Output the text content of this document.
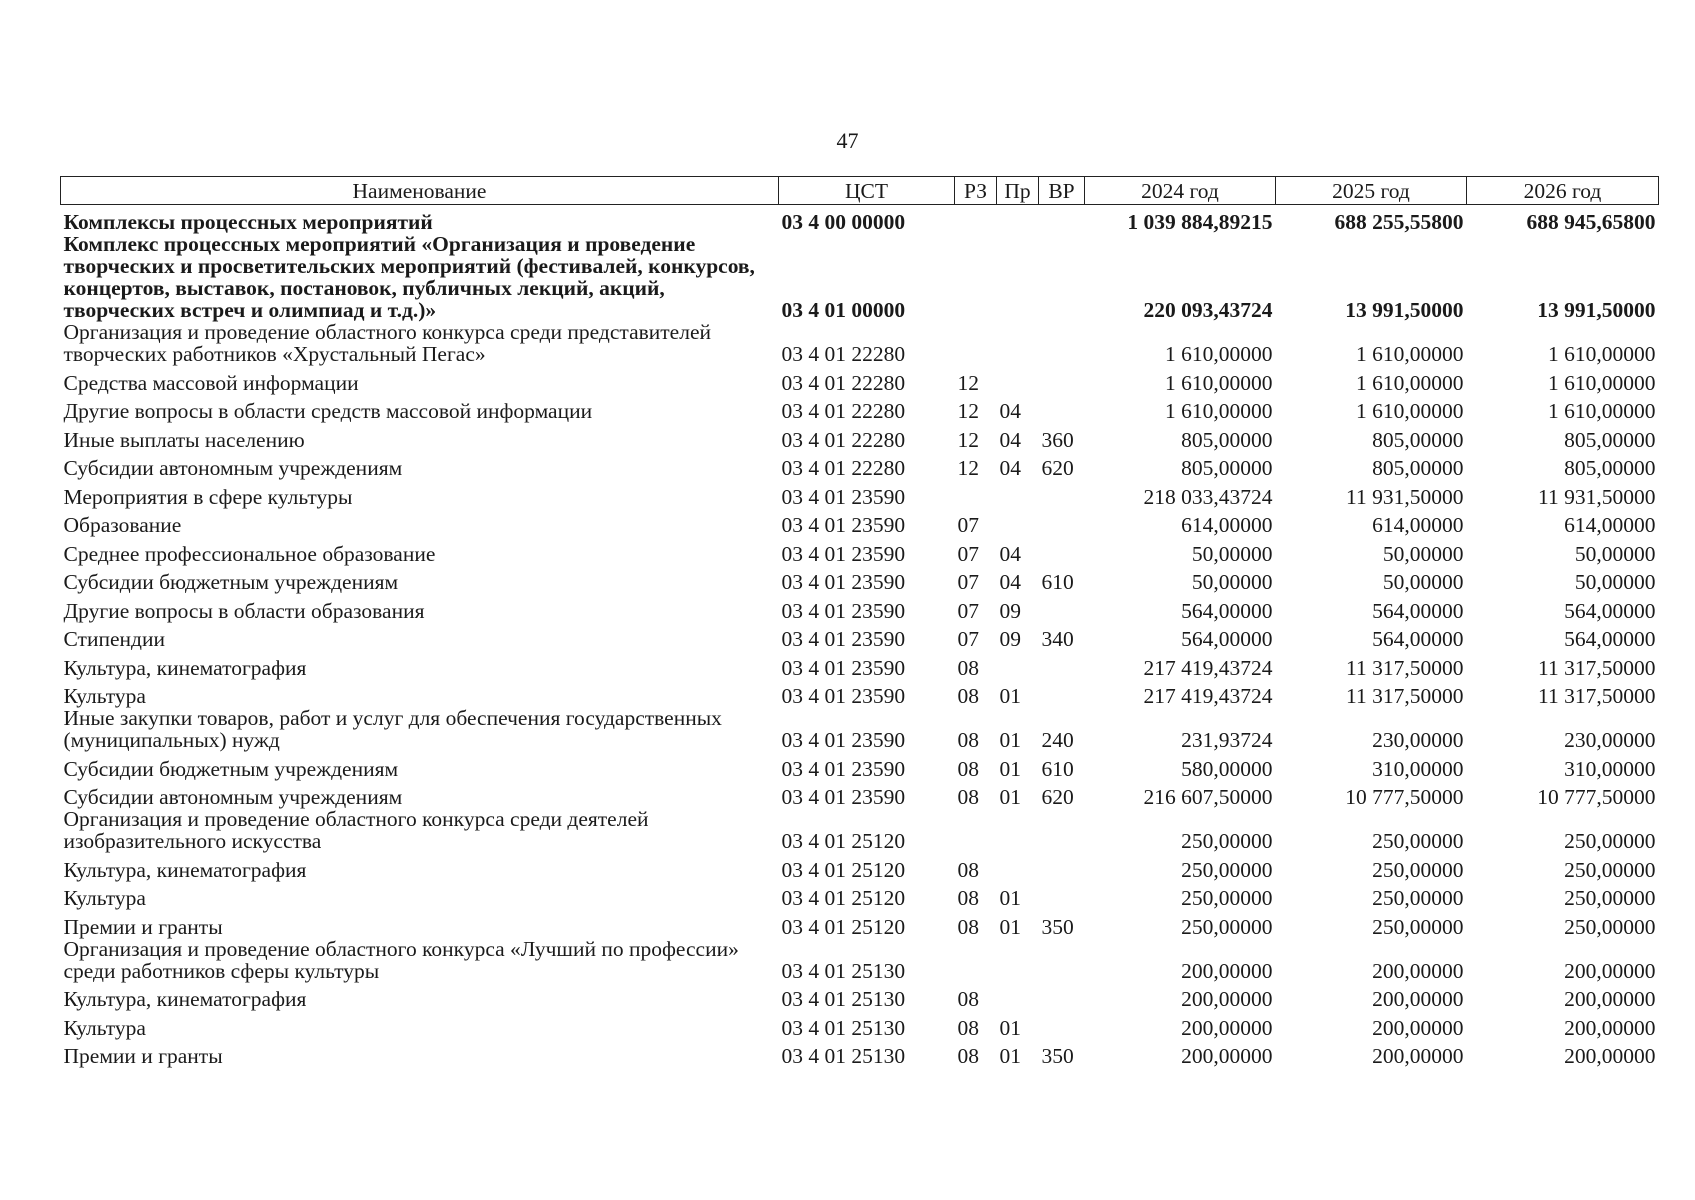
47
Наименование	ЦСТ	РЗ	Пр	ВР	2024 год	2025 год	2026 год
Комплексы процессных мероприятий	03 4 00 00000				1 039 884,89215	688 255,55800	688 945,65800
Комплекс процессных мероприятий «Организация и проведение творческих и просветительских мероприятий (фестивалей, конкурсов, концертов, выставок, постановок, публичных лекций, акций, творческих встреч и олимпиад и т.д.)»	03 4 01 00000				220 093,43724	13 991,50000	13 991,50000
Организация и проведение областного конкурса среди представителей творческих работников «Хрустальный Пегас»	03 4 01 22280				1 610,00000	1 610,00000	1 610,00000
Средства массовой информации	03 4 01 22280	12			1 610,00000	1 610,00000	1 610,00000
Другие вопросы в области средств массовой информации	03 4 01 22280	12	04		1 610,00000	1 610,00000	1 610,00000
Иные выплаты населению	03 4 01 22280	12	04	360	805,00000	805,00000	805,00000
Субсидии автономным учреждениям	03 4 01 22280	12	04	620	805,00000	805,00000	805,00000
Мероприятия в сфере культуры	03 4 01 23590				218 033,43724	11 931,50000	11 931,50000
Образование	03 4 01 23590	07			614,00000	614,00000	614,00000
Среднее профессиональное образование	03 4 01 23590	07	04		50,00000	50,00000	50,00000
Субсидии бюджетным учреждениям	03 4 01 23590	07	04	610	50,00000	50,00000	50,00000
Другие вопросы в области образования	03 4 01 23590	07	09		564,00000	564,00000	564,00000
Стипендии	03 4 01 23590	07	09	340	564,00000	564,00000	564,00000
Культура, кинематография	03 4 01 23590	08			217 419,43724	11 317,50000	11 317,50000
Культура	03 4 01 23590	08	01		217 419,43724	11 317,50000	11 317,50000
Иные закупки товаров, работ и услуг для обеспечения государственных (муниципальных) нужд	03 4 01 23590	08	01	240	231,93724	230,00000	230,00000
Субсидии бюджетным учреждениям	03 4 01 23590	08	01	610	580,00000	310,00000	310,00000
Субсидии автономным учреждениям	03 4 01 23590	08	01	620	216 607,50000	10 777,50000	10 777,50000
Организация и проведение областного конкурса среди деятелей изобразительного искусства	03 4 01 25120				250,00000	250,00000	250,00000
Культура, кинематография	03 4 01 25120	08			250,00000	250,00000	250,00000
Культура	03 4 01 25120	08	01		250,00000	250,00000	250,00000
Премии и гранты	03 4 01 25120	08	01	350	250,00000	250,00000	250,00000
Организация и проведение областного конкурса «Лучший по профессии» среди работников сферы культуры	03 4 01 25130				200,00000	200,00000	200,00000
Культура, кинематография	03 4 01 25130	08			200,00000	200,00000	200,00000
Культура	03 4 01 25130	08	01		200,00000	200,00000	200,00000
Премии и гранты	03 4 01 25130	08	01	350	200,00000	200,00000	200,00000
